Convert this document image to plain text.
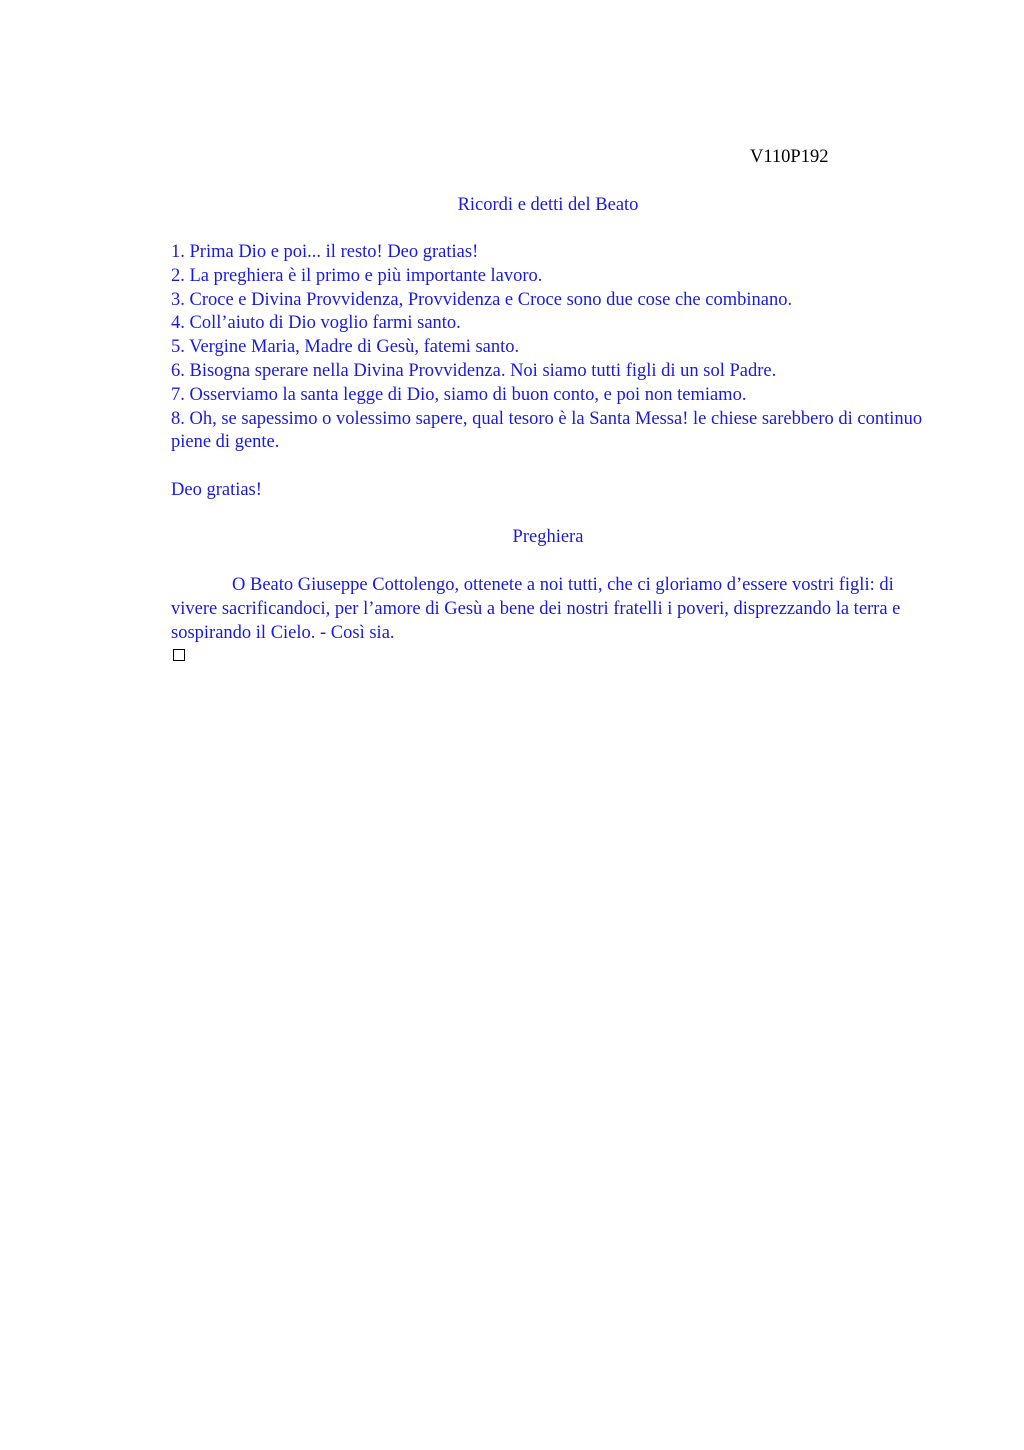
V110P192
Ricordi e detti del Beato
1. Prima Dio e poi... il resto! Deo gratias!
2. La preghiera è il primo e più importante lavoro.
3. Croce e Divina Provvidenza, Provvidenza e Croce sono due cose che combinano.
4. Coll’aiuto di Dio voglio farmi santo.
5. Vergine Maria, Madre di Gesù, fatemi santo.
6. Bisogna sperare nella Divina Provvidenza. Noi siamo tutti figli di un sol Padre.
7. Osserviamo la santa legge di Dio, siamo di buon conto, e poi non temiamo.
8. Oh, se sapessimo o volessimo sapere, qual tesoro è la Santa Messa! le chiese sarebbero di continuo piene di gente.
Deo gratias!
Preghiera

O Beato Giuseppe Cottolengo, ottenete a noi tutti, che ci gloriamo d’essere vostri figli: di vivere sacrificandoci, per l’amore di Gesù a bene dei nostri fratelli i poveri, disprezzando la terra e sospirando il Cielo. - Così sia.
